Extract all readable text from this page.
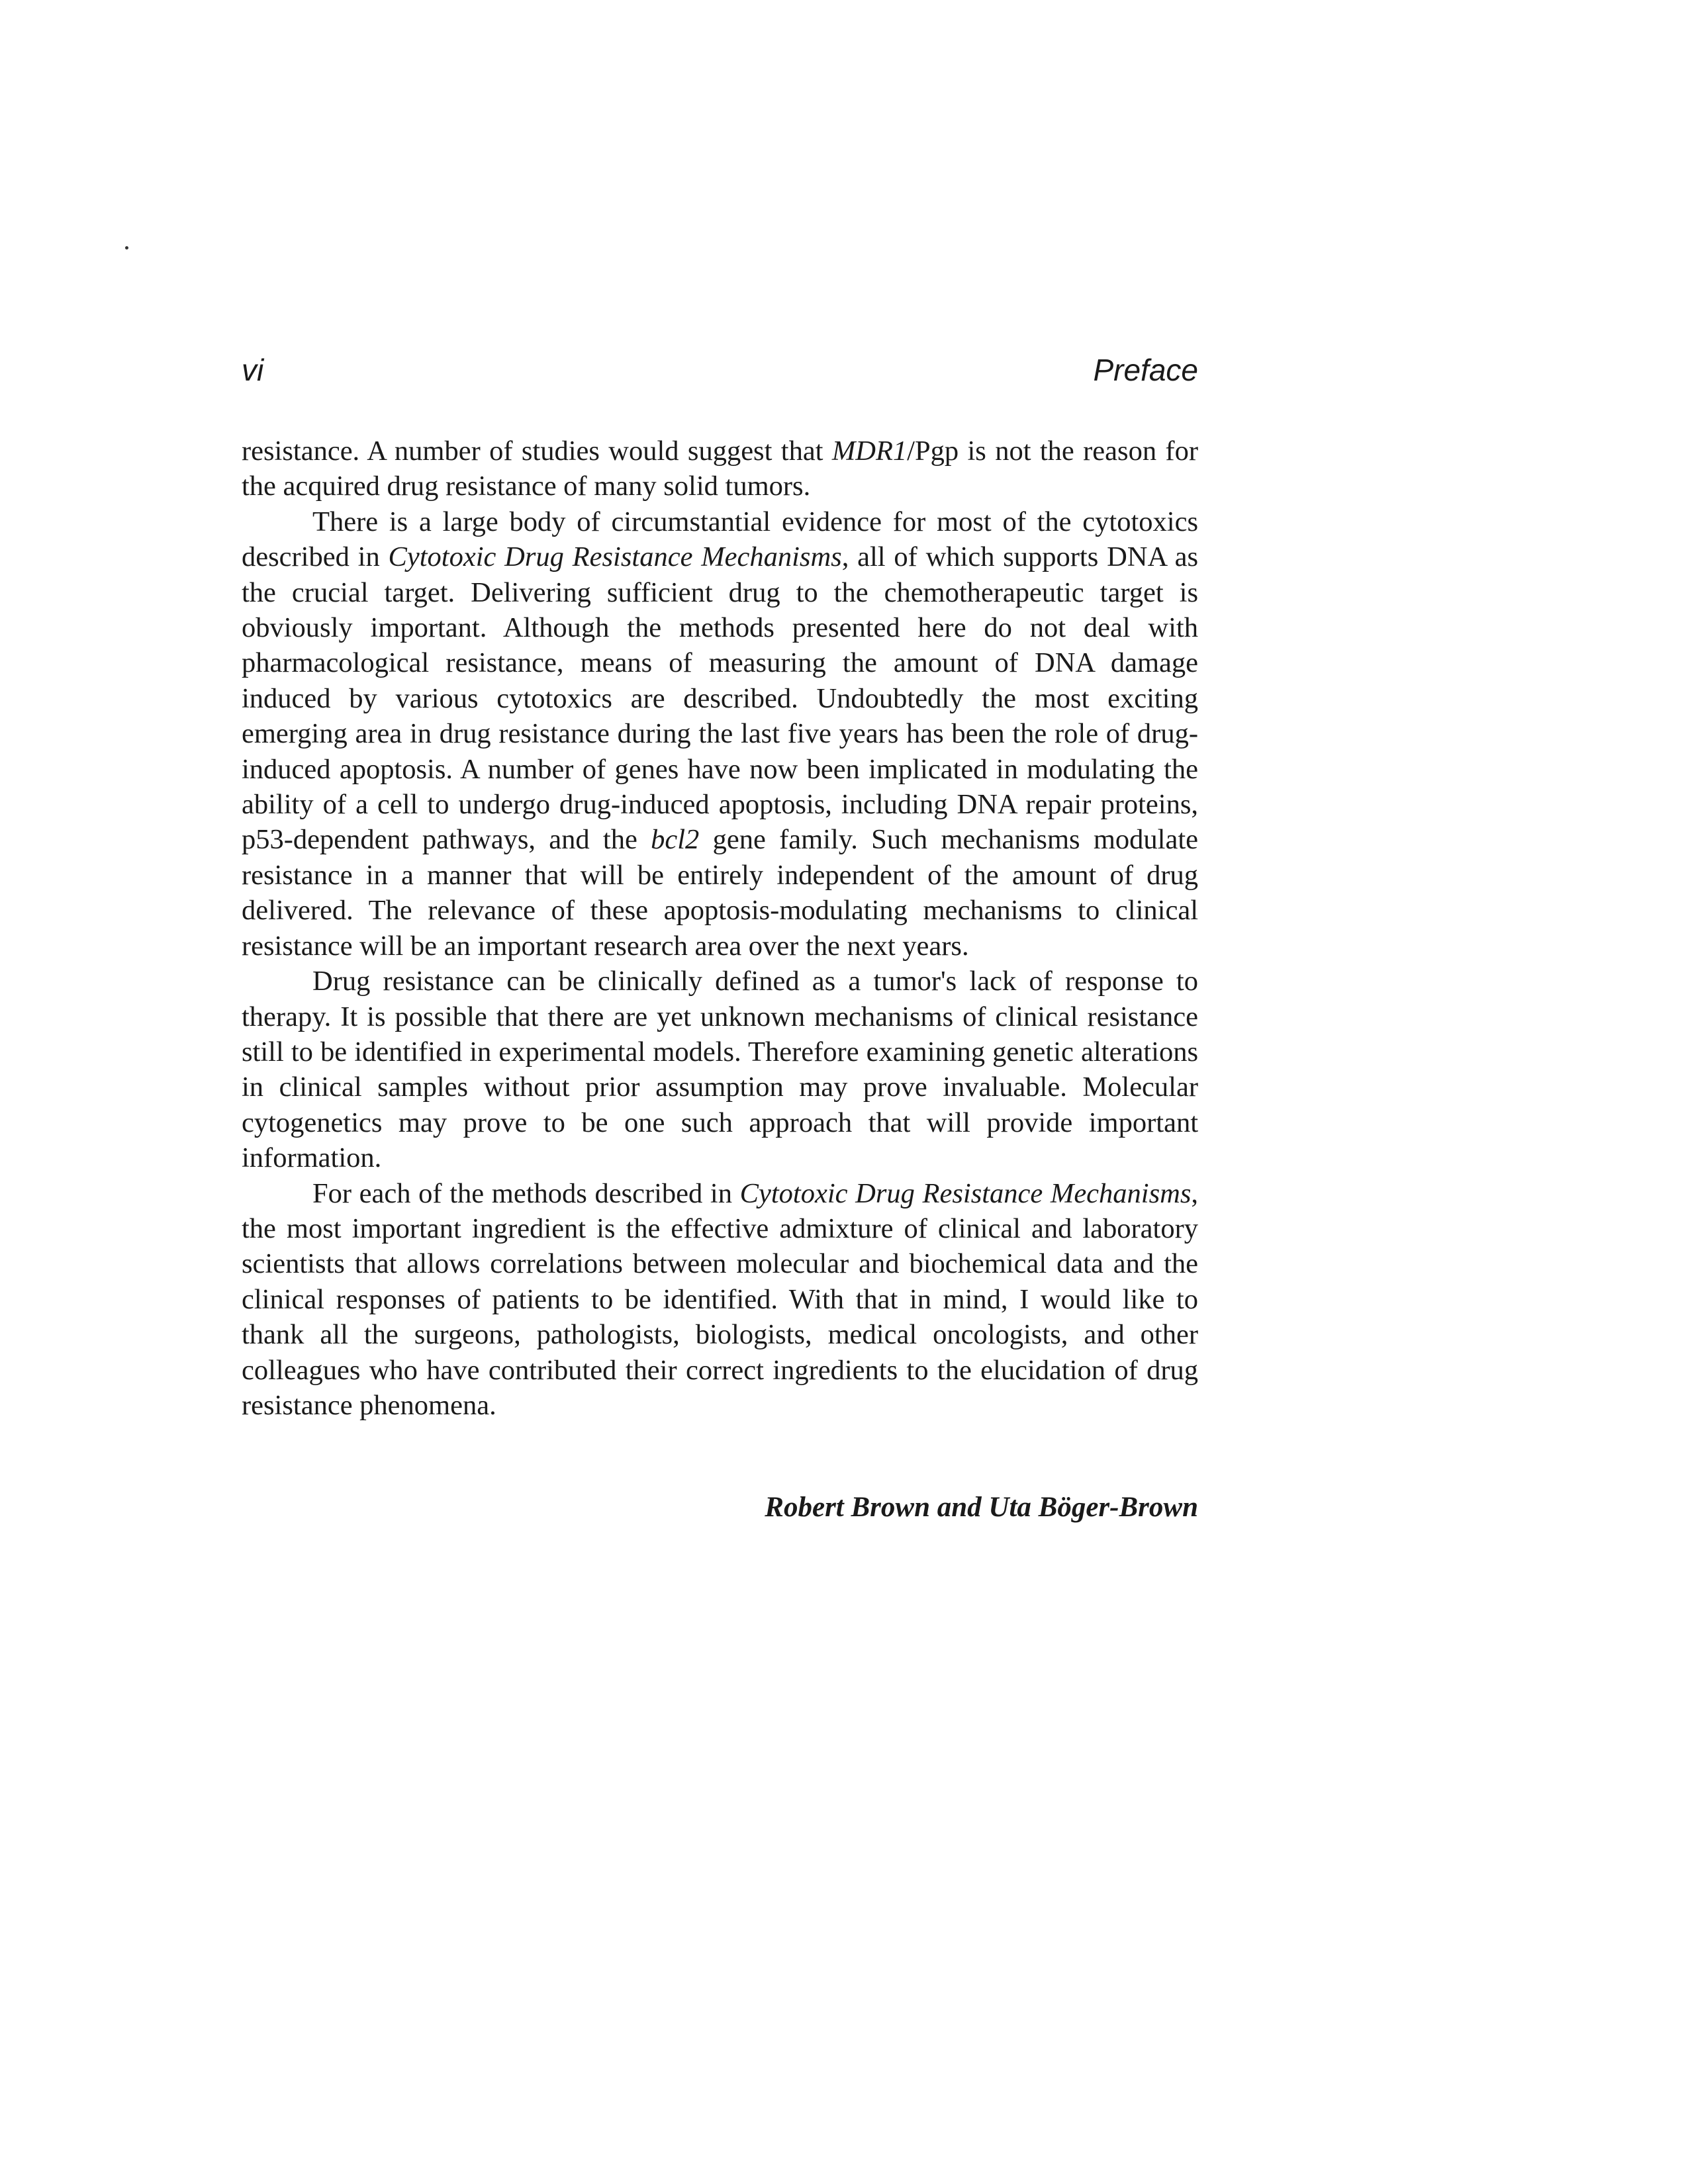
vi	Preface

resistance. A number of studies would suggest that MDR1/Pgp is not the reason for the acquired drug resistance of many solid tumors.

There is a large body of circumstantial evidence for most of the cytotoxics described in Cytotoxic Drug Resistance Mechanisms, all of which supports DNA as the crucial target. Delivering sufficient drug to the chemotherapeutic target is obviously important. Although the methods presented here do not deal with pharmacological resistance, means of measuring the amount of DNA damage induced by various cytotoxics are described. Undoubtedly the most exciting emerging area in drug resistance during the last five years has been the role of drug-induced apoptosis. A number of genes have now been implicated in modulating the ability of a cell to undergo drug-induced apoptosis, including DNA repair proteins, p53-dependent pathways, and the bcl2 gene family. Such mechanisms modulate resistance in a manner that will be entirely independent of the amount of drug delivered. The relevance of these apoptosis-modulating mechanisms to clinical resistance will be an important research area over the next years.

Drug resistance can be clinically defined as a tumor's lack of response to therapy. It is possible that there are yet unknown mechanisms of clinical resistance still to be identified in experimental models. Therefore examining genetic alterations in clinical samples without prior assumption may prove invaluable. Molecular cytogenetics may prove to be one such approach that will provide important information.

For each of the methods described in Cytotoxic Drug Resistance Mechanisms, the most important ingredient is the effective admixture of clinical and laboratory scientists that allows correlations between molecular and biochemical data and the clinical responses of patients to be identified. With that in mind, I would like to thank all the surgeons, pathologists, biologists, medical oncologists, and other colleagues who have contributed their correct ingredients to the elucidation of drug resistance phenomena.

Robert Brown and Uta Böger-Brown
